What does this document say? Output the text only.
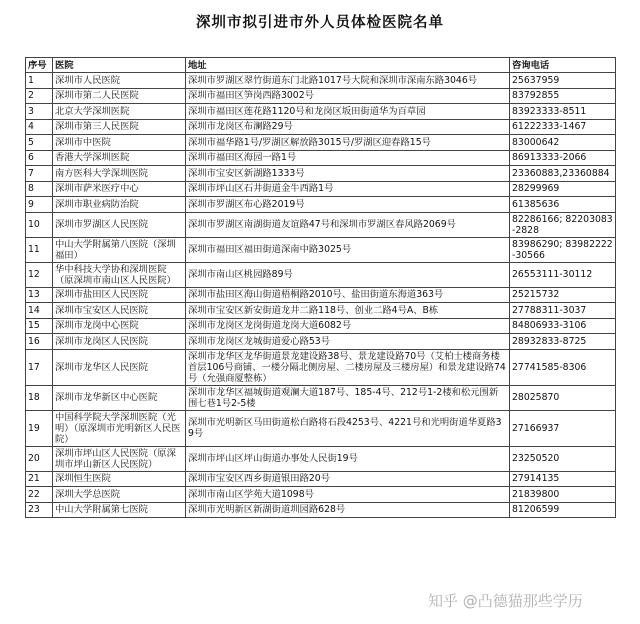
深圳市拟引进市外人员体检医院名单
序号	医院	地址	咨询电话
1	深圳市人民医院	深圳市罗湖区翠竹街道东门北路1017号大院和深圳市深南东路3046号	25637959
2	深圳市第二人民医院	深圳市福田区笋岗西路3002号	83792855
3	北京大学深圳医院	深圳市福田区莲花路1120号和龙岗区坂田街道华为百草园	83923333-8511
4	深圳市第三人民医院	深圳市龙岗区布澜路29号	61222333-1467
5	深圳市中医院	深圳市福华路1号/罗湖区解放路3015号/罗湖区迎春路15号	83000642
6	香港大学深圳医院	深圳市福田区海园一路1号	86913333-2066
7	南方医科大学深圳医院	深圳市宝安区新湖路1333号	23360883,23360884
8	深圳市萨米医疗中心	深圳市坪山区石井街道金牛西路1号	28299969
9	深圳市职业病防治院	深圳市罗湖区布心路2019号	61385636
10	深圳市罗湖区人民医院	深圳市罗湖区南湖街道友谊路47号和深圳市罗湖区春风路2069号	82286166; 82203083-2828
11	中山大学附属第八医院（深圳福田）	深圳市福田区福田街道深南中路3025号	83986290; 83982222-30566
12	华中科技大学协和深圳医院（原深圳市南山区人民医院）	深圳市南山区桃园路89号	26553111-30112
13	深圳市盐田区人民医院	深圳市盐田区海山街道梧桐路2010号、盐田街道东海道363号	25215732
14	深圳市宝安区人民医院	深圳市宝安区新安街道龙井二路118号、创业二路4号A、B栋	27788311-3037
15	深圳市龙岗中心医院	深圳市龙岗区龙岗街道龙岗大道6082号	84806933-3106
16	深圳市龙岗区人民医院	深圳市龙岗区龙城街道爱心路53号	28932833-8725
17	深圳市龙华区人民医院	深圳市龙华区龙华街道景龙建设路38号、景龙建设路70号（艾柏士楼商务楼首层106号商铺、一楼分隔北侧房屋、二楼房屋及三楼房屋）和景龙建设路74号（允强商厦整栋）	27741585-8306
18	深圳市龙华新区中心医院	深圳市龙华区福城街道观澜大道187号、185-4号、212号1-2楼和松元围新围七巷1号2-5楼	28025870
19	中国科学院大学深圳医院（光明）（原深圳市光明新区人民医院）	深圳市光明新区马田街道松白路将石段4253号、4221号和光明街道华夏路39号	27166937
20	深圳市坪山区人民医院（原深圳市坪山新区人民医院）	深圳市坪山区坪山街道办事处人民街19号	23250520
21	深圳恒生医院	深圳市宝安区西乡街道银田路20号	27914135
22	深圳大学总医院	深圳市南山区学苑大道1098号	21839800
23	中山大学附属第七医院	深圳市光明新区新湖街道圳园路628号	81206599
知乎 @凸德猫那些学历
